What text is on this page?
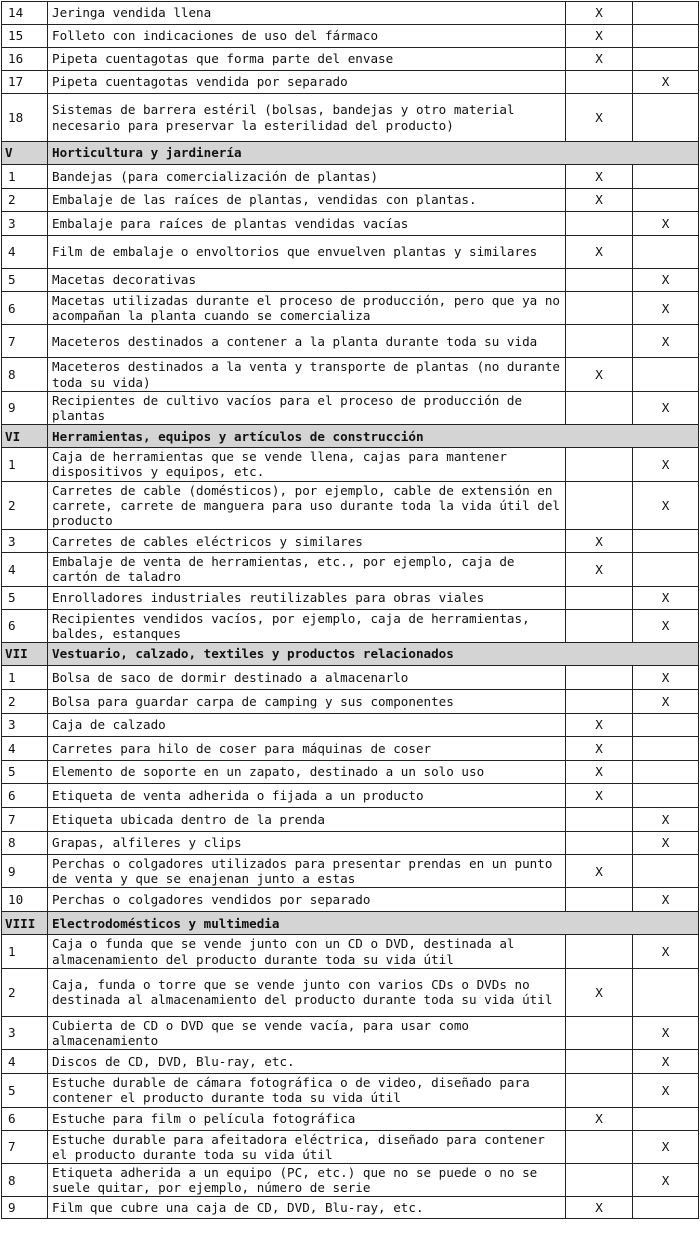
14	Jeringa vendida llena	X	
15	Folleto con indicaciones de uso del fármaco	X	
16	Pipeta cuentagotas que forma parte del envase	X	
17	Pipeta cuentagotas vendida por separado		X
18	Sistemas de barrera estéril (bolsas, bandejas y otro material necesario para preservar la esterilidad del producto)	X	
V	Horticultura y jardinería		
1	Bandejas (para comercialización de plantas)	X	
2	Embalaje de las raíces de plantas, vendidas con plantas.	X	
3	Embalaje para raíces de plantas vendidas vacías		X
4	Film de embalaje o envoltorios que envuelven plantas y similares	X	
5	Macetas decorativas		X
6	Macetas utilizadas durante el proceso de producción, pero que ya no acompañan la planta cuando se comercializa		X
7	Maceteros destinados a contener a la planta durante toda su vida		X
8	Maceteros destinados a la venta y transporte de plantas (no durante toda su vida)	X	
9	Recipientes de cultivo vacíos para el proceso de producción de plantas		X
VI	Herramientas, equipos y artículos de construcción		
1	Caja de herramientas que se vende llena, cajas para mantener dispositivos y equipos, etc.		X
2	Carretes de cable (domésticos), por ejemplo, cable de extensión en carrete, carrete de manguera para uso durante toda la vida útil del producto		X
3	Carretes de cables eléctricos y similares	X	
4	Embalaje de venta de herramientas, etc., por ejemplo, caja de cartón de taladro	X	
5	Enrolladores industriales reutilizables para obras viales		X
6	Recipientes vendidos vacíos, por ejemplo, caja de herramientas, baldes, estanques		X
VII	Vestuario, calzado, textiles y productos relacionados		
1	Bolsa de saco de dormir destinado a almacenarlo		X
2	Bolsa para guardar carpa de camping y sus componentes		X
3	Caja de calzado	X	
4	Carretes para hilo de coser para máquinas de coser	X	
5	Elemento de soporte en un zapato, destinado a un solo uso	X	
6	Etiqueta de venta adherida o fijada a un producto	X	
7	Etiqueta ubicada dentro de la prenda		X
8	Grapas, alfileres y clips		X
9	Perchas o colgadores utilizados para presentar prendas en un punto de venta y que se enajenan junto a estas	X	
10	Perchas o colgadores vendidos por separado		X
VIII	Electrodomésticos y multimedia		
1	Caja o funda que se vende junto con un CD o DVD, destinada al almacenamiento del producto durante toda su vida útil		X
2	Caja, funda o torre que se vende junto con varios CDs o DVDs no destinada al almacenamiento del producto durante toda su vida útil	X	
3	Cubierta de CD o DVD que se vende vacía, para usar como almacenamiento		X
4	Discos de CD, DVD, Blu-ray, etc.		X
5	Estuche durable de cámara fotográfica o de video, diseñado para contener el producto durante toda su vida útil		X
6	Estuche para film o película fotográfica	X	
7	Estuche durable para afeitadora eléctrica, diseñado para contener el producto durante toda su vida útil		X
8	Etiqueta adherida a un equipo (PC, etc.) que no se puede o no se suele quitar, por ejemplo, número de serie		X
9	Film que cubre una caja de CD, DVD, Blu-ray, etc.	X	
